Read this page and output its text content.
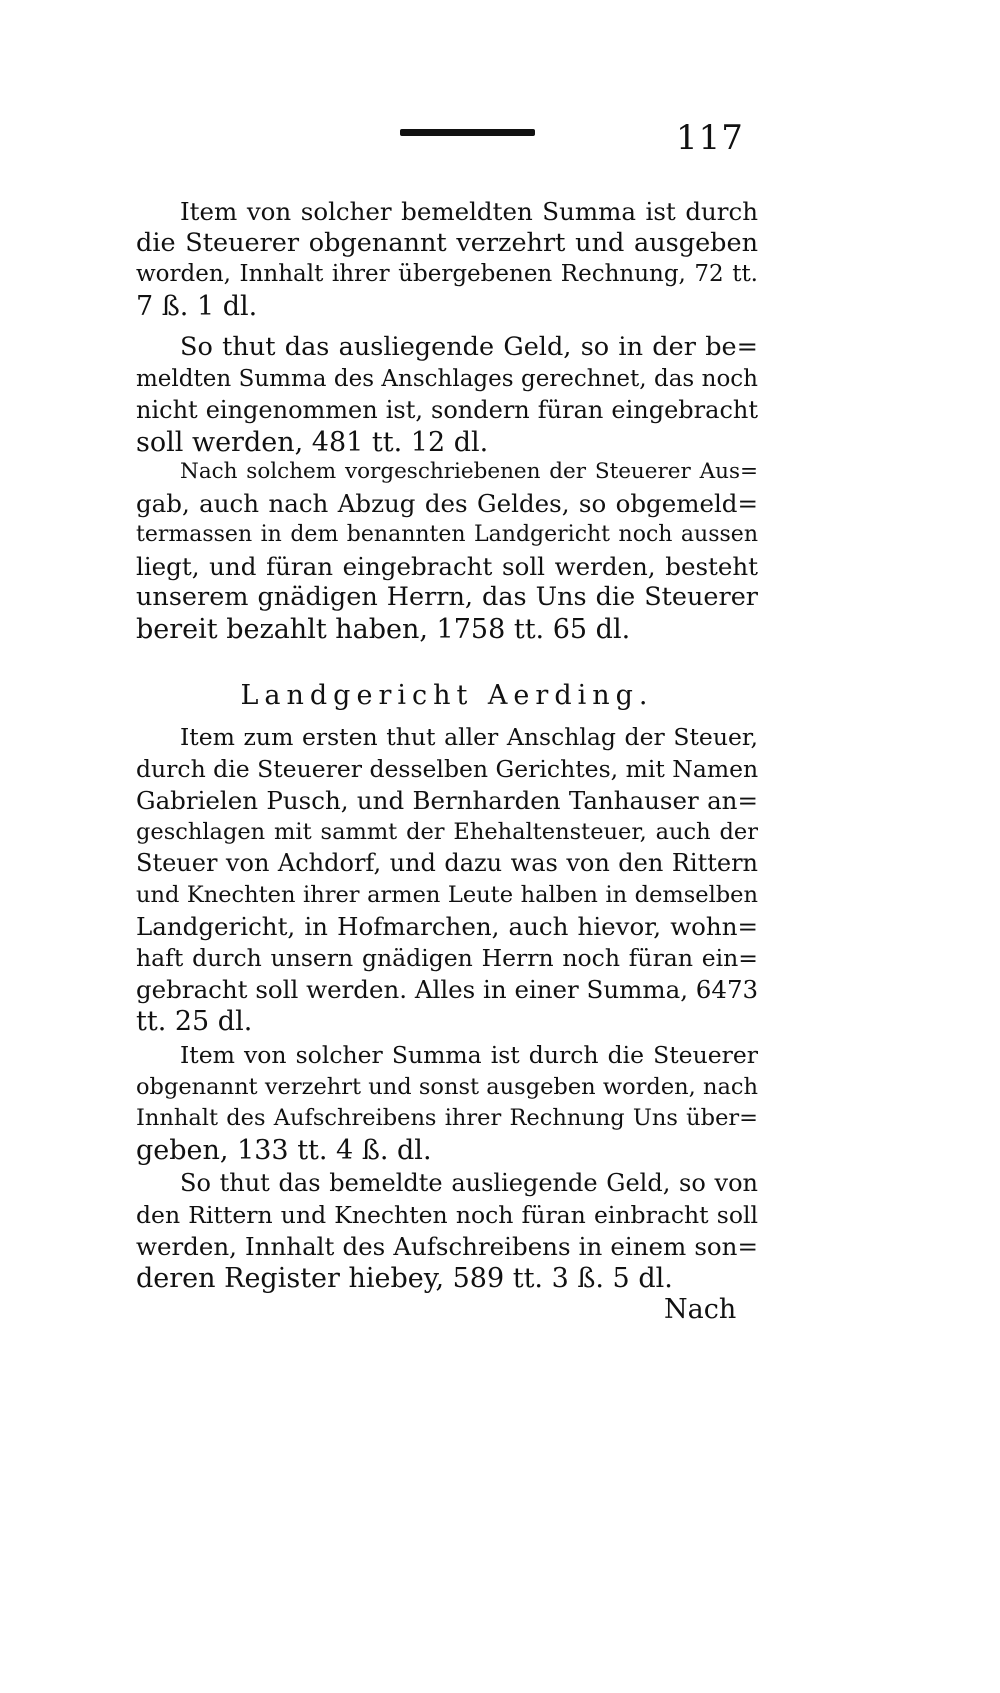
117
Item von solcher bemeldten Summa ist durch
die Steuerer obgenannt verzehrt und ausgeben
worden, Innhalt ihrer übergebenen Rechnung, 72 tt.
7 ß. 1 dl.
So thut das ausliegende Geld, so in der be=
meldten Summa des Anschlages gerechnet, das noch
nicht eingenommen ist, sondern füran eingebracht
soll werden, 481 tt. 12 dl.
Nach solchem vorgeschriebenen der Steuerer Aus=
gab, auch nach Abzug des Geldes, so obgemeld=
termassen in dem benannten Landgericht noch aussen
liegt, und füran eingebracht soll werden, besteht
unserem gnädigen Herrn, das Uns die Steuerer
bereit bezahlt haben, 1758 tt. 65 dl.
Landgericht Aerding.
Item zum ersten thut aller Anschlag der Steuer,
durch die Steuerer desselben Gerichtes, mit Namen
Gabrielen Pusch, und Bernharden Tanhauser an=
geschlagen mit sammt der Ehehaltensteuer, auch der
Steuer von Achdorf, und dazu was von den Rittern
und Knechten ihrer armen Leute halben in demselben
Landgericht, in Hofmarchen, auch hievor, wohn=
haft durch unsern gnädigen Herrn noch füran ein=
gebracht soll werden. Alles in einer Summa, 6473
tt. 25 dl.
Item von solcher Summa ist durch die Steuerer
obgenannt verzehrt und sonst ausgeben worden, nach
Innhalt des Aufschreibens ihrer Rechnung Uns über=
geben, 133 tt. 4 ß. dl.
So thut das bemeldte ausliegende Geld, so von
den Rittern und Knechten noch füran einbracht soll
werden, Innhalt des Aufschreibens in einem son=
deren Register hiebey, 589 tt. 3 ß. 5 dl.
Nach
